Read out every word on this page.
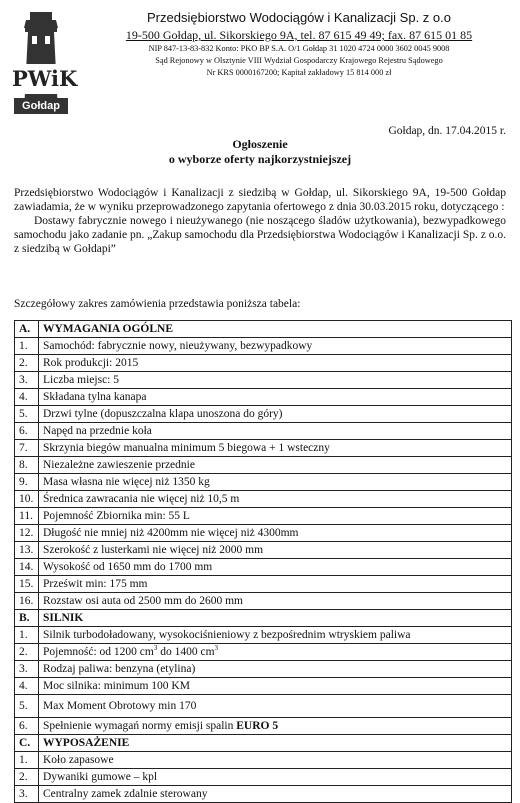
PWiK
Gołdap
Przedsiębiorstwo Wodociągów i Kanalizacji Sp. z o.o
19-500 Gołdap, ul. Sikorskiego 9A, tel. 87 615 49 49; fax. 87 615 01 85
NIP 847-13-83-832 Konto: PKO BP S.A. O/1 Gołdap 31 1020 4724 0000 3602 0045 9008
Sąd Rejonowy w Olsztynie VIII Wydział Gospodarczy Krajowego Rejestru Sądowego
Nr KRS 0000167200; Kapitał zakładowy 15 814 000 zł
Gołdap, dn. 17.04.2015 r.
Ogłoszenie
o wyborze oferty najkorzystniejszej

Przedsiębiorstwo Wodociągów i Kanalizacji z siedzibą w Gołdap, ul. Sikorskiego 9A, 19-500 Gołdap zawiadamia, że w wyniku przeprowadzonego zapytania ofertowego z dnia 30.03.2015 roku, dotyczącego :

Dostawy fabrycznie nowego i nieużywanego (nie noszącego śladów użytkowania), bezwypadkowego samochodu jako zadanie pn. „Zakup samochodu dla Przedsiębiorstwa Wodociągów i Kanalizacji Sp. z o.o. z siedzibą w Gołdapi”

Szczegółowy zakres zamówienia przedstawia poniższa tabela:
A.	WYMAGANIA OGÓLNE
1.	Samochód: fabrycznie nowy, nieużywany, bezwypadkowy
2.	Rok produkcji: 2015
3.	Liczba miejsc: 5
4.	Składana tylna kanapa
5.	Drzwi tylne (dopuszczalna klapa unoszona do góry)
6.	Napęd na przednie koła
7.	Skrzynia biegów manualna minimum 5 biegowa + 1 wsteczny
8.	Niezależne zawieszenie przednie
9.	Masa własna nie więcej niż 1350 kg
10.	Średnica zawracania nie więcej niż 10,5 m
11.	Pojemność Zbiornika min: 55 L
12.	Długość nie mniej niż 4200mm nie więcej niż 4300mm
13.	Szerokość z lusterkami nie więcej niż 2000 mm
14.	Wysokość od 1650 mm do 1700 mm
15.	Prześwit min: 175 mm
16.	Rozstaw osi auta od 2500 mm do 2600 mm
B.	SILNIK
1.	Silnik turbodoładowany, wysokociśnieniowy z bezpośrednim wtryskiem paliwa
2.	Pojemność: od 1200 $cm^3$ do 1400 $cm^3$
3.	Rodzaj paliwa: benzyna (etylina)
4.	Moc silnika: minimum 100 KM
5.	Max Moment Obrotowy min 170
6.	Spełnienie wymagań normy emisji spalin EURO 5
C.	WYPOSAŻENIE
1.	Koło zapasowe
2.	Dywaniki gumowe – kpl
3.	Centralny zamek zdalnie sterowany
